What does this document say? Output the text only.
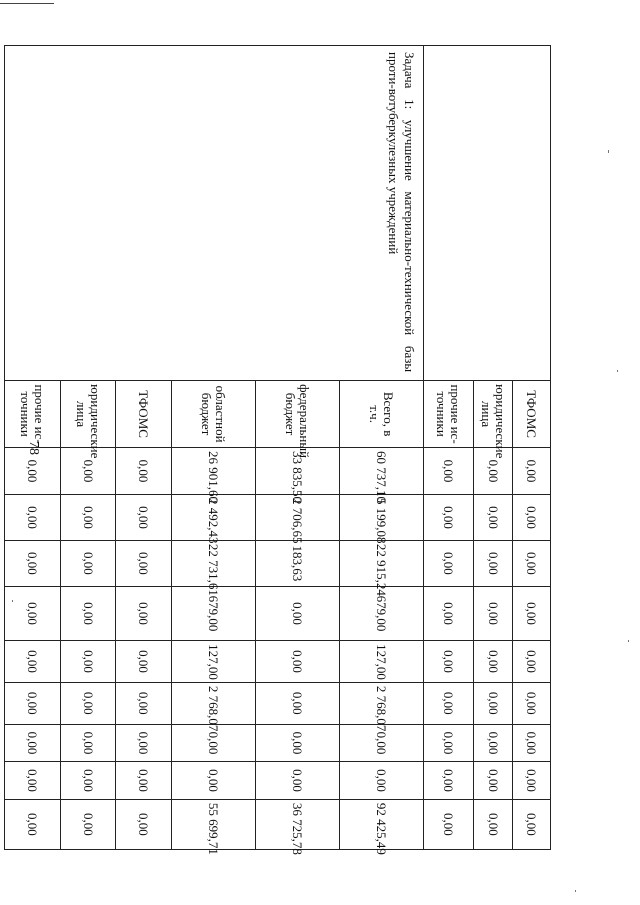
78
	ТФОМС	0,00	0,00	0,00	0,00	0,00	0,00	0,00	0,00	0,00
	юридические лица	0,00	0,00	0,00	0,00	0,00	0,00	0,00	0,00	0,00
	прочие ис-точники	0,00	0,00	0,00	0,00	0,00	0,00	0,00	0,00	0,00
Задача 1: улучшение материально-технической базы проти-вотуберкулезных учреждений	Всего, в т.ч.	60 737,10	5 199,08	22 915,24	679,00	127,00	2 768,07	0,00	0,00	92 425,49
	федеральный бюджет	33 835,50	2 706,65	183,63	0,00	0,00	0,00	0,00	0,00	36 725,78
	областной бюджет	26 901,60	2 492,43	22 731,61	679,00	127,00	2 768,07	0,00	0,00	55 699,71
	ТФОМС	0,00	0,00	0,00	0,00	0,00	0,00	0,00	0,00	0,00
	юридические лица	0,00	0,00	0,00	0,00	0,00	0,00	0,00	0,00	0,00
	прочие ис-точники	0,00	0,00	0,00	0,00	0,00	0,00	0,00	0,00	0,00
